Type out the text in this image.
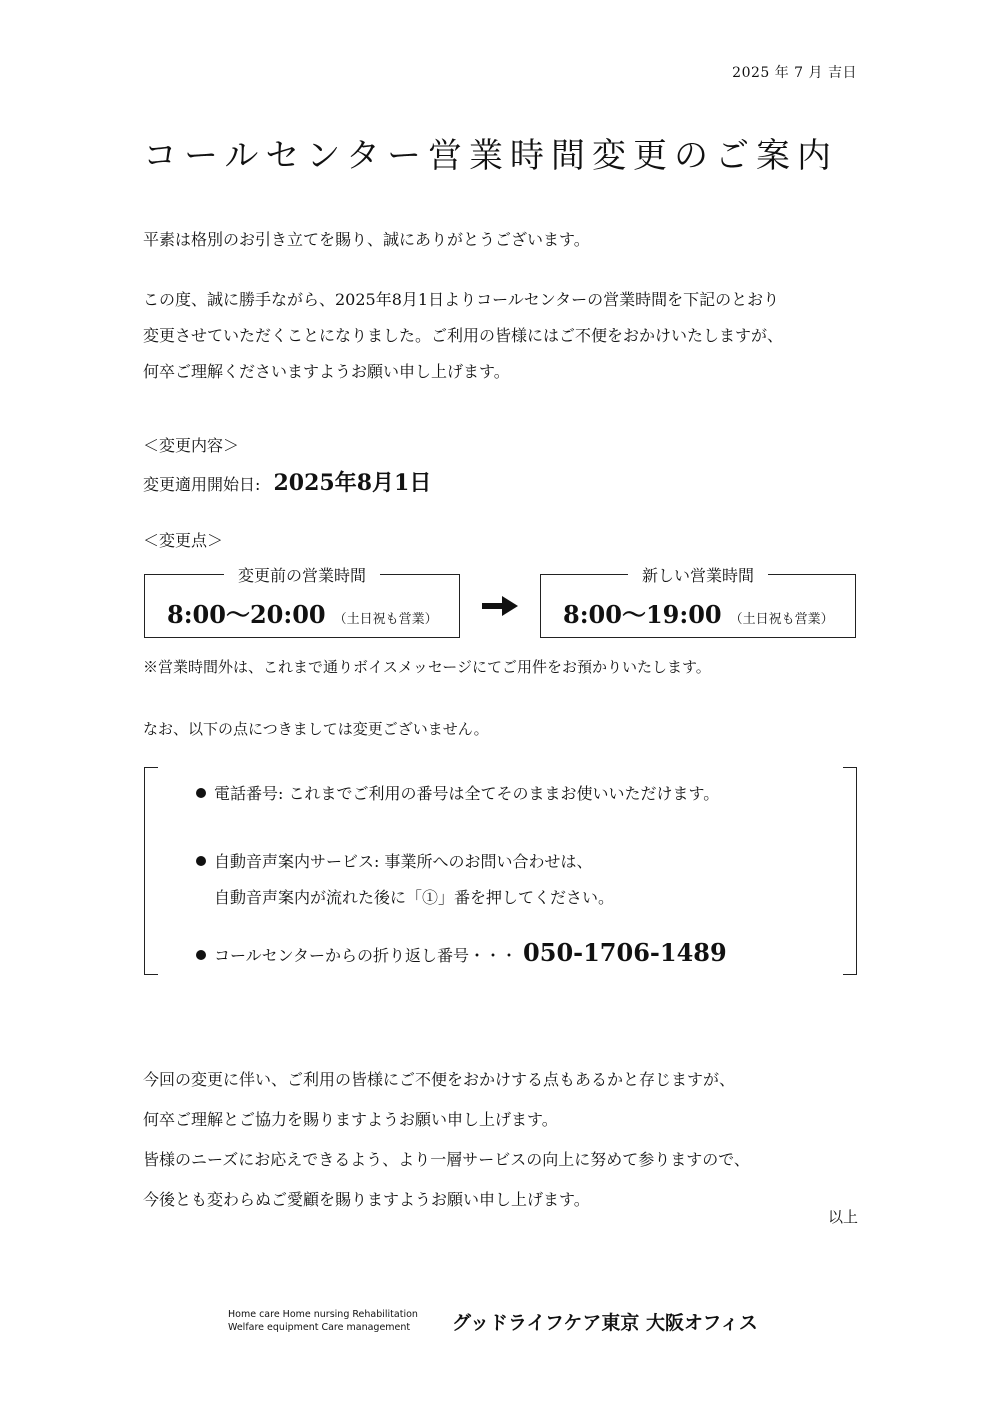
2025 年 7 月 吉日
コールセンター営業時間変更のご案内
平素は格別のお引き立てを賜り、誠にありがとうございます。
この度、誠に勝手ながら、2025年8月1日よりコールセンターの営業時間を下記のとおり
変更させていただくことになりました。ご利用の皆様にはご不便をおかけいたしますが、
何卒ご理解くださいますようお願い申し上げます。
＜変更内容＞
変更適用開始日: 2025年8月1日
＜変更点＞
変更前の営業時間
8:00〜20:00 （土日祝も営業）
新しい営業時間
8:00〜19:00 （土日祝も営業）
※営業時間外は、これまで通りボイスメッセージにてご用件をお預かりいたします。
なお、以下の点につきましては変更ございません。
電話番号: これまでご利用の番号は全てそのままお使いいただけます。
自動音声案内サービス: 事業所へのお問い合わせは、
自動音声案内が流れた後に「①」番を押してください。
コールセンターからの折り返し番号・・・ 050-1706-1489
今回の変更に伴い、ご利用の皆様にご不便をおかけする点もあるかと存じますが、
何卒ご理解とご協力を賜りますようお願い申し上げます。
皆様のニーズにお応えできるよう、より一層サービスの向上に努めて参りますので、
今後とも変わらぬご愛顧を賜りますようお願い申し上げます。
以上
Home care Home nursing Rehabilitation
Welfare equipment Care management	グッドライフケア東京 大阪オフィス
